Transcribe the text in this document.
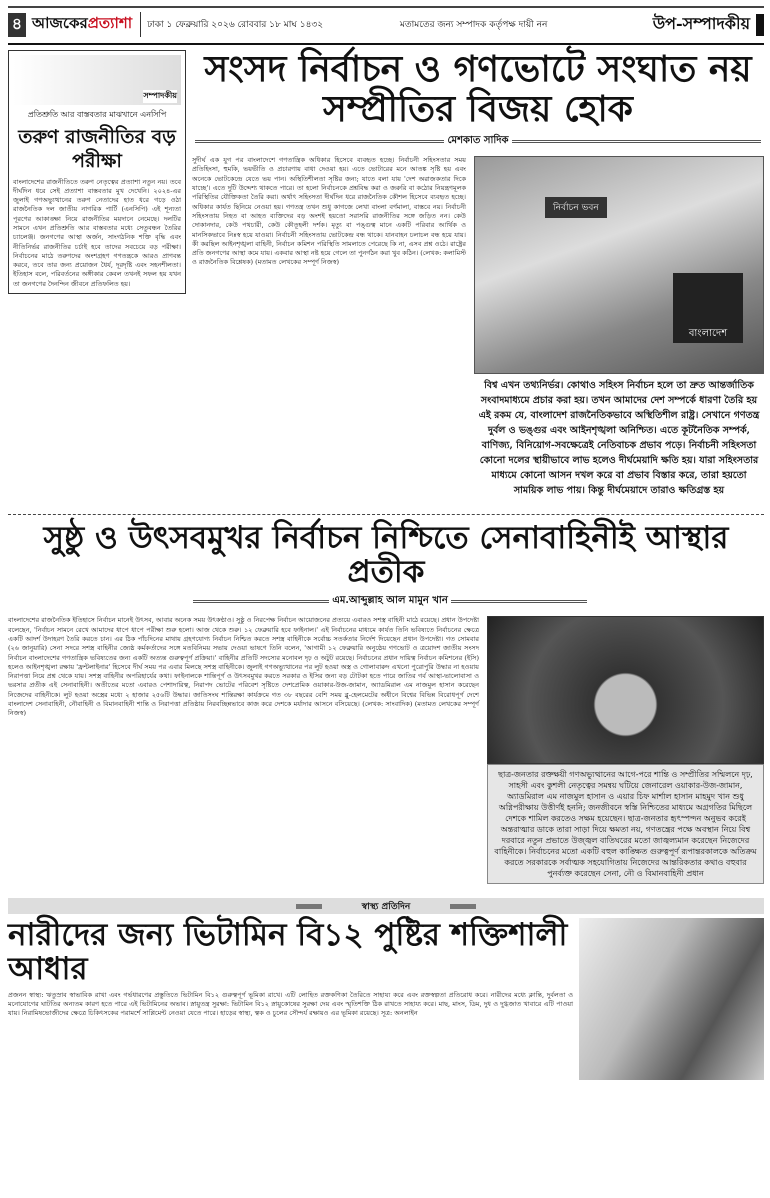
৪ আজকেরপ্রত্যাশা	ঢাকা ১ ফেব্রুয়ারি ২০২৬ রোববার ১৮ মাঘ ১৪৩২	মতামতের জন্য সম্পাদক কর্তৃপক্ষ দায়ী নন	উপ-সম্পাদকীয়
সম্পাদকীয়
প্রতিশ্রুতি আর বাস্তবতার মাঝখানে এনসিপি
তরুণ রাজনীতির বড় পরীক্ষা
বাংলাদেশের রাজনীতিতে তরুণ নেতৃত্বের প্রত্যাশা নতুন নয়। তবে দীর্ঘদিন ধরে সেই প্রত্যাশা বাস্তবতার মুখ দেখেনি। ২০২৪-এর জুলাই গণঅভ্যুত্থানের তরুণ নেতাদের হাত ধরে গড়ে ওঠা রাজনৈতিক দল জাতীয় নাগরিক পার্টি (এনসিপি) এই শূন্যতা পূরণের আকাঙ্ক্ষা নিয়ে রাজনীতির ময়দানে নেমেছে। দলটির সামনে এখন প্রতিশ্রুতি আর বাস্তবতার মধ্যে সেতুবন্ধন তৈরির চ্যালেঞ্জ। জনগণের আস্থা অর্জন, সাংগঠনিক শক্তি বৃদ্ধি এবং নীতিনির্ভর রাজনীতির চর্চাই হবে তাদের সবচেয়ে বড় পরীক্ষা। নির্বাচনের মাঠে তরুণদের অংশগ্রহণ গণতন্ত্রকে আরও প্রাণবন্ত করবে, তবে তার জন্য প্রয়োজন ধৈর্য, দূরদৃষ্টি এবং সহনশীলতা। ইতিহাস বলে, পরিবর্তনের অঙ্গীকার কেবল তখনই সফল হয় যখন তা জনগণের দৈনন্দিন জীবনে প্রতিফলিত হয়।
সংসদ নির্বাচন ও গণভোটে সংঘাত নয় সম্প্রীতির বিজয় হোক
মেশকাত সাদিক
নির্বাচন ভবন
বাংলাদেশ
বিশ্ব এখন তথ্যনির্ভর। কোথাও সহিংস নির্বাচন হলে তা দ্রুত আন্তর্জাতিক সংবাদমাধ্যমে প্রচার করা হয়। তখন আমাদের দেশ সম্পর্কে ধারণা তৈরি হয় এই রকম যে, বাংলাদেশ রাজনৈতিকভাবে অস্থিতিশীল রাষ্ট্র। সেখানে গণতন্ত্র দুর্বল ও ভঙ্গুর এবং আইনশৃঙ্খলা অনিশ্চিত। এতে কূটনৈতিক সম্পর্ক, বাণিজ্য, বিনিয়োগ-সবক্ষেত্রেই নেতিবাচক প্রভাব পড়ে। নির্বাচনী সহিংসতা কোনো দলের স্থায়ীভাবে লাভ হলেও দীর্ঘমেয়াদি ক্ষতি হয়। যারা সহিংসতার মাধ্যমে কোনো আসন দখল করে বা প্রভাব বিস্তার করে, তারা হয়তো সাময়িক লাভ পায়। কিন্তু দীর্ঘমেয়াদে তারাও ক্ষতিগ্রস্ত হয়
সুদীর্ঘ এক যুগ পর বাংলাদেশে গণতান্ত্রিক অধিকার হিসেবে ব্যবহৃত হচ্ছে। নির্বাচনী সহিংসতার সময় প্রতিহিংসা, হুমকি, ভয়ভীতি ও প্রচারণায় বাধা দেওয়া হয়। এতে ভোটারের মনে আতঙ্ক সৃষ্টি হয় এবং অনেকে ভোটকেন্দ্রে যেতে ভয় পান। অস্থিতিশীলতা সৃষ্টির জন্য; যাতে বলা যায় 'দেশ অরাজকতার দিকে যাচ্ছে'। এতে দুটি উদ্দেশ্য থাকতে পারে। তা হলো নির্বাচনকে প্রশ্নবিদ্ধ করা ও জরুরি বা কঠোর নিয়ন্ত্রণমূলক পরিস্থিতির যৌক্তিকতা তৈরি করা। অর্থাৎ সহিংসতা দীর্ঘদিন ধরে রাজনৈতিক কৌশল হিসেবে ব্যবহৃত হচ্ছে। অধিকার কার্যত ছিনিয়ে নেওয়া হয়। গণতন্ত্র তখন শুধু কাগজে লেখা বাংলা বর্ণমালা, বাস্তবে নয়। নির্বাচনী সহিংসতায় নিহত বা আহত ব্যক্তিদের বড় অংশই হয়তো সরাসরি রাজনীতির সঙ্গে জড়িত নন। কেউ দোকানদার, কেউ পথচারী, কেউ কৌতূহলী দর্শক। মৃত্যু বা পঙ্গুত্ব মানে একটি পরিবার আর্থিক ও মানসিকভাবে নিঃস্ব হয়ে যাওয়া। নির্বাচনী সহিংসতায় ভোটকেন্দ্র বন্ধ থাকে। যানবাহন চলাচল বন্ধ হয়ে যায়। কী করছিল আইনশৃঙ্খলা বাহিনী, নির্বাচন কমিশন পরিস্থিতি সামলাতে পেরেছে কি না, এসব প্রশ্ন ওঠে। রাষ্ট্রের প্রতি জনগণের আস্থা কমে যায়। একবার আস্থা নষ্ট হয়ে গেলে তা পুনর্গঠন করা খুব কঠিন। (লেখক: কলামিস্ট ও রাজনৈতিক বিশ্লেষক) (মতামত লেখকের সম্পূর্ণ নিজস্ব)
সুষ্ঠু ও উৎসবমুখর নির্বাচন নিশ্চিতে সেনাবাহিনীই আস্থার প্রতীক
এম.আব্দুল্লাহ আল মামুন খান
ছাত্র-জনতার রক্তক্ষয়ী গণঅভ্যুত্থানের আগে-পরে শান্তি ও সম্প্রীতির সম্মিলনে দৃঢ়, সাহসী এবং কুশলী নেতৃত্বের সমন্বয় ঘটিয়ে জেনারেল ওয়াকার-উজ-জামান, অ্যাডমিরাল এম নাজমুল হাসান ও এয়ার চিফ মার্শাল হাসান মাহমুদ খান শুধু অগ্নিপরীক্ষায় উত্তীর্ণই হননি; জনজীবনে স্বস্তি নিশ্চিতের মাধ্যমে অগ্রগতির মিছিলে দেশকে শামিল করতেও সক্ষম হয়েছেন। ছাত্র-জনতার হৃৎস্পন্দন অনুভব করেই অন্তরাত্মার ডাকে তারা সাড়া দিয়ে ক্ষমতা নয়, গণতন্ত্রের পক্ষে অবস্থান নিয়ে বিশ্ব দরবারে নতুন প্রভাতে উজ্জ্বল বাতিঘরের মতো জাজ্বল্যমান করেছেন নিজেদের বাহিনীকে। নির্বাচনের মতো একটি বহুল কাঙ্ক্ষিত গুরুত্বপূর্ণ রূপান্তরকালকে অতিক্রম করতে সরকারকে সর্বাত্মক সহযোগিতায় নিজেদের আন্তরিকতার কথাও বহুবার পুনর্ব্যক্ত করেছেন সেনা, নৌ ও বিমানবাহিনী প্রধান
বাংলাদেশের রাজনৈতিক ইতিহাসে নির্বাচন মানেই উৎসব, আবার অনেক সময় উৎকণ্ঠাও। সুষ্ঠু ও নিরপেক্ষ নির্বাচন আয়োজনের প্রত্যয়ে এবারও সশস্ত্র বাহিনী মাঠে রয়েছে। প্রধান উপদেষ্টা বলেছেন, 'নির্বাচন সামনে রেখে আমাদের ধাপে ধাপে পরীক্ষা শুরু হলো। আজ থেকে শুরু। ১২ ফেব্রুয়ারি হবে ফাইনাল।' এই নির্বাচনের মাধ্যমে কার্যত তিনি ভবিষ্যতে নির্বাচনের ক্ষেত্রে একটি আদর্শ উদাহরণ তৈরি করতে চান। এর ঠিক পাঁচদিনের মাথায় গ্রহণযোগ্য নির্বাচন নিশ্চিত করতে সশস্ত্র বাহিনীকে সর্বোচ্চ সতর্কতার নির্দেশ দিয়েছেন প্রধান উপদেষ্টা। গত সোমবার (২৬ জানুয়ারি) সেনা সদরে সশস্ত্র বাহিনীর জ্যেষ্ঠ কর্মকর্তাদের সঙ্গে মতবিনিময় সভায় দেওয়া ভাষণে তিনি বলেন, 'আগামী ১২ ফেব্রুয়ারি অনুষ্ঠেয় গণভোট ও ত্রয়োদশ জাতীয় সংসদ নির্বাচন বাংলাদেশের গণতান্ত্রিক ভবিষ্যতের জন্য একটি অত্যন্ত গুরুত্বপূর্ণ প্রক্রিয়া।' বাহিনীর প্রতিটি সদস্যের মনোবল দৃঢ় ও অটুট রয়েছে। নির্বাচনের প্রধান দায়িত্ব নির্বাচন কমিশনের (ইসি) হলেও আইনশৃঙ্খলা রক্ষায় 'ফ্রন্টলাইনার' হিসেবে দীর্ঘ সময় পর এবার মিলছে সশস্ত্র বাহিনীকে। জুলাই গণঅভ্যুত্থানের পর লুট হওয়া অস্ত্র ও গোলাবারুদ এখনো পুরোপুরি উদ্ধার না হওয়ায় নিরাপত্তা নিয়ে প্রশ্ন থেকে যায়। সশস্ত্র বাহিনীর অপরিহার্যের কথা। ফাইনালকে শান্তিপূর্ণ ও উৎসবমুখর করতে সরকার ও ইসির জন্য বড় টোটকা হতে পারে জাতির গর্ব আস্থা-ভালোবাসা ও ভরসার প্রতীক এই সেনাবাহিনী। অতীতের মতো এবারও পেশাদারিত্ব, নিরাপদ ভোটের পরিবেশ সৃষ্টিতে দেশপ্রেমিক ওয়াকার-উজ-জামান, অ্যাডমিরাল এম নাজমুল হাসান করেছেন নিজেদের বাহিনীকে। লুট হওয়া অস্ত্রের মধ্যে ২ হাজার ২৫৬টি উদ্ধার। জাতিসংঘ শান্তিরক্ষা কার্যক্রমে গত ৩৮ বছরের বেশি সময় ব্লু-হেলমেটের অধীনে বিশ্বের বিভিন্ন বিরোধপূর্ণ দেশে বাংলাদেশ সেনাবাহিনী, নৌবাহিনী ও বিমানবাহিনী শান্তি ও নিরাপত্তা প্রতিষ্ঠায় নিরবচ্ছিন্নভাবে কাজ করে দেশকে মর্যাদার আসনে বসিয়েছে। (লেখক: সাংবাদিক) (মতামত লেখকের সম্পূর্ণ নিজস্ব)
স্বাস্থ্য প্রতিদিন
নারীদের জন্য ভিটামিন বি১২ পুষ্টির শক্তিশালী আধার
প্রজনন স্বাস্থ্য: ঋতুস্রাব স্বাভাবিক রাখা এবং গর্ভধারণের প্রস্তুতিতে ভিটামিন বি১২ গুরুত্বপূর্ণ ভূমিকা রাখে। এটি লোহিত রক্তকণিকা তৈরিতে সাহায্য করে এবং রক্তস্বল্পতা প্রতিরোধ করে। নারীদের মধ্যে ক্লান্তি, দুর্বলতা ও মনোযোগের ঘাটতির অন্যতম কারণ হতে পারে এই ভিটামিনের অভাব। স্নায়ুতন্ত্র সুরক্ষা: ভিটামিন বি১২ স্নায়ুকোষের সুরক্ষা দেয় এবং স্মৃতিশক্তি ঠিক রাখতে সাহায্য করে। মাছ, মাংস, ডিম, দুধ ও দুগ্ধজাত খাবারে এটি পাওয়া যায়। নিরামিষভোজীদের ক্ষেত্রে চিকিৎসকের পরামর্শে সাপ্লিমেন্ট নেওয়া যেতে পারে। হাড়ের স্বাস্থ্য, ত্বক ও চুলের সৌন্দর্য রক্ষায়ও এর ভূমিকা রয়েছে। সূত্র: অনলাইন
